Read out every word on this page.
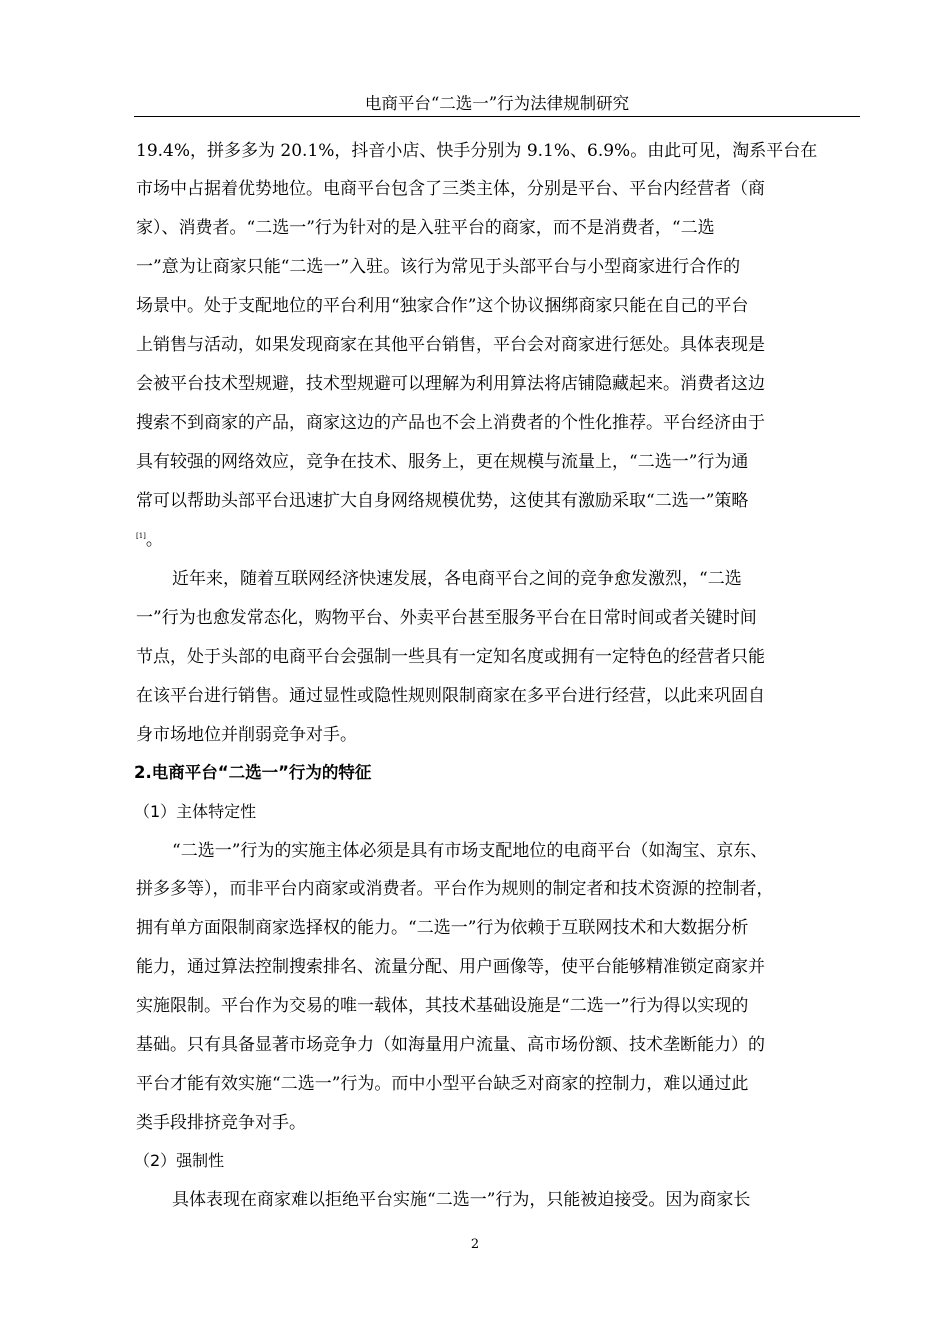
电商平台“二选一”行为法律规制研究
19.4%，拼多多为 20.1%，抖音小店、快手分别为 9.1%、6.9%。由此可见，淘系平台在
市场中占据着优势地位。电商平台包含了三类主体，分别是平台、平台内经营者（商
家）、消费者。“二选一”行为针对的是入驻平台的商家，而不是消费者，“二选
一”意为让商家只能“二选一”入驻。该行为常见于头部平台与小型商家进行合作的
场景中。处于支配地位的平台利用“独家合作”这个协议捆绑商家只能在自己的平台
上销售与活动，如果发现商家在其他平台销售，平台会对商家进行惩处。具体表现是
会被平台技术型规避，技术型规避可以理解为利用算法将店铺隐藏起来。消费者这边
搜索不到商家的产品，商家这边的产品也不会上消费者的个性化推荐。平台经济由于
具有较强的网络效应，竞争在技术、服务上，更在规模与流量上，“二选一”行为通
常可以帮助头部平台迅速扩大自身网络规模优势，这使其有激励采取“二选一”策略
[1]。
近年来，随着互联网经济快速发展，各电商平台之间的竞争愈发激烈，“二选
一”行为也愈发常态化，购物平台、外卖平台甚至服务平台在日常时间或者关键时间
节点，处于头部的电商平台会强制一些具有一定知名度或拥有一定特色的经营者只能
在该平台进行销售。通过显性或隐性规则限制商家在多平台进行经营，以此来巩固自
身市场地位并削弱竞争对手。
2.电商平台“二选一”行为的特征
（1）主体特定性
“二选一”行为的实施主体必须是具有市场支配地位的电商平台（如淘宝、京东、
拼多多等），而非平台内商家或消费者。平台作为规则的制定者和技术资源的控制者，
拥有单方面限制商家选择权的能力。“二选一”行为依赖于互联网技术和大数据分析
能力，通过算法控制搜索排名、流量分配、用户画像等，使平台能够精准锁定商家并
实施限制。平台作为交易的唯一载体，其技术基础设施是“二选一”行为得以实现的
基础。只有具备显著市场竞争力（如海量用户流量、高市场份额、技术垄断能力）的
平台才能有效实施“二选一”行为。而中小型平台缺乏对商家的控制力，难以通过此
类手段排挤竞争对手。
（2）强制性
具体表现在商家难以拒绝平台实施“二选一”行为，只能被迫接受。因为商家长
2
